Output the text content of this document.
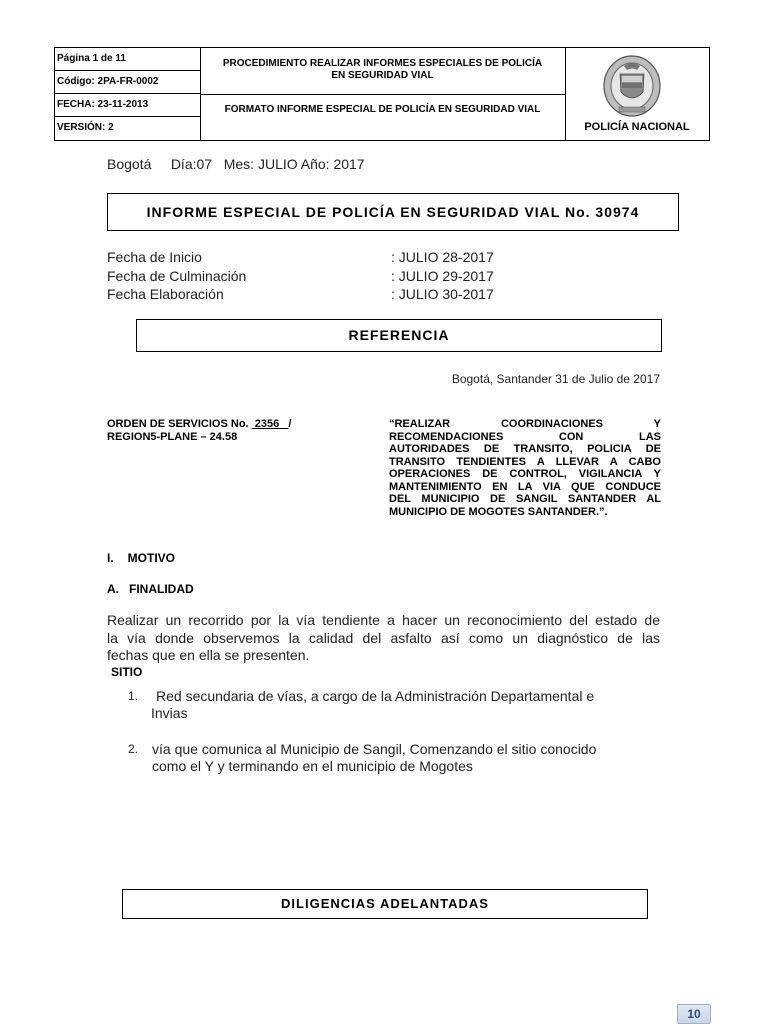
Página 1 de 11
Código: 2PA-FR-0002
FECHA: 23-11-2013
VERSIÓN: 2
PROCEDIMIENTO REALIZAR INFORMES ESPECIALES DE POLICÍA EN SEGURIDAD VIAL
FORMATO INFORME ESPECIAL DE POLICÍA EN SEGURIDAD VIAL
POLICÍA NACIONAL
Bogotá     Día:07   Mes: JULIO Año: 2017
INFORME ESPECIAL DE POLICÍA EN SEGURIDAD VIAL No. 30974
Fecha de Inicio
Fecha de Culminación
Fecha Elaboración
: JULIO 28-2017
: JULIO 29-2017
: JULIO 30-2017
REFERENCIA
Bogotá, Santander 31 de Julio de 2017
ORDEN DE SERVICIOS No. 2356 /
REGION5-PLANE – 24.58
“REALIZAR COORDINACIONES Y
RECOMENDACIONES CON LAS
AUTORIDADES DE TRANSITO, POLICIA DE
TRANSITO TENDIENTES A LLEVAR A CABO
OPERACIONES DE CONTROL, VIGILANCIA Y
MANTENIMIENTO EN LA VIA QUE CONDUCE
DEL MUNICIPIO DE SANGIL SANTANDER AL
MUNICIPIO DE MOGOTES SANTANDER.”.
I. MOTIVO
A. FINALIDAD
Realizar un recorrido por la vía tendiente a hacer un reconocimiento del estado de
la vía donde observemos la calidad del asfalto así como un diagnóstico de las
fechas que en ella se presenten.
SITIO
1.	Red secundaria de vías, a cargo de la Administración Departamental e
Invias
2. vía que comunica al Municipio de Sangil, Comenzando el sitio conocido
como el Y y terminando en el municipio de Mogotes
DILIGENCIAS ADELANTADAS
10
